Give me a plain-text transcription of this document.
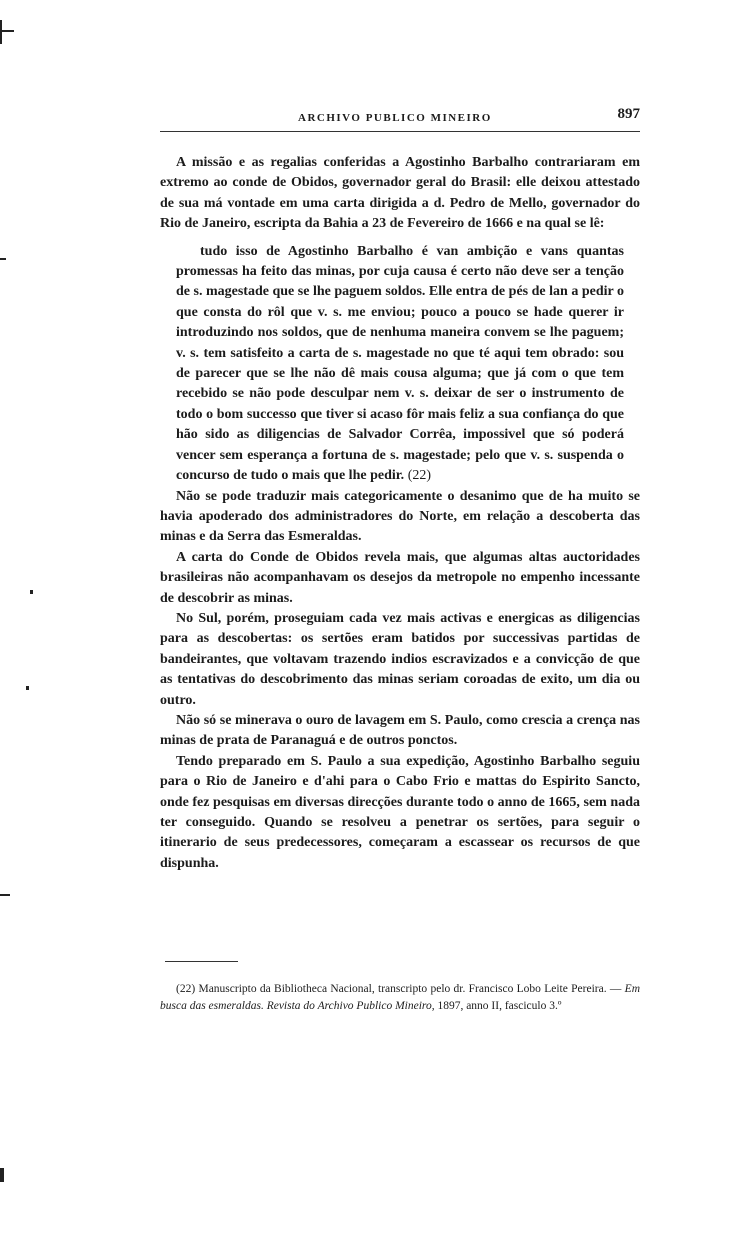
ARCHIVO PUBLICO MINEIRO	897

A missão e as regalias conferidas a Agostinho Barbalho contrariaram em extremo ao conde de Obidos, governador geral do Brasil: elle deixou attestado de sua má vontade em uma carta dirigida a d. Pedro de Mello, governador do Rio de Janeiro, escripta da Bahia a 23 de Fevereiro de 1666 e na qual se lê:

tudo isso de Agostinho Barbalho é van ambição e vans quantas promessas ha feito das minas, por cuja causa é certo não deve ser a tenção de s. magestade que se lhe paguem soldos. Elle entra de pés de lan a pedir o que consta do rôl que v. s. me enviou; pouco a pouco se hade querer ir introduzindo nos soldos, que de nenhuma maneira convem se lhe paguem; v. s. tem satisfeito a carta de s. magestade no que té aqui tem obrado: sou de parecer que se lhe não dê mais cousa alguma; que já com o que tem recebido se não pode desculpar nem v. s. deixar de ser o instrumento de todo o bom successo que tiver si acaso fôr mais feliz a sua confiança do que hão sido as diligencias de Salvador Corrêa, impossivel que só poderá vencer sem esperança a fortuna de s. magestade; pelo que v. s. suspenda o concurso de tudo o mais que lhe pedir. (22)

Não se pode traduzir mais categoricamente o desanimo que de ha muito se havia apoderado dos administradores do Norte, em relação a descoberta das minas e da Serra das Esmeraldas.

A carta do Conde de Obidos revela mais, que algumas altas auctoridades brasileiras não acompanhavam os desejos da metropole no empenho incessante de descobrir as minas.

No Sul, porém, proseguiam cada vez mais activas e energicas as diligencias para as descobertas: os sertões eram batidos por successivas partidas de bandeirantes, que voltavam trazendo indios escravizados e a convicção de que as tentativas do descobrimento das minas seriam coroadas de exito, um dia ou outro.

Não só se minerava o ouro de lavagem em S. Paulo, como crescia a crença nas minas de prata de Paranaguá e de outros ponctos.

Tendo preparado em S. Paulo a sua expedição, Agostinho Barbalho seguiu para o Rio de Janeiro e d'ahi para o Cabo Frio e mattas do Espirito Sancto, onde fez pesquisas em diversas direcções durante todo o anno de 1665, sem nada ter conseguido. Quando se resolveu a penetrar os sertões, para seguir o itinerario de seus predecessores, começaram a escassear os recursos de que dispunha.

(22) Manuscripto da Bibliotheca Nacional, transcripto pelo dr. Francisco Lobo Leite Pereira. — Em busca das esmeraldas. Revista do Archivo Publico Mineiro, 1897, anno II, fasciculo 3.º
